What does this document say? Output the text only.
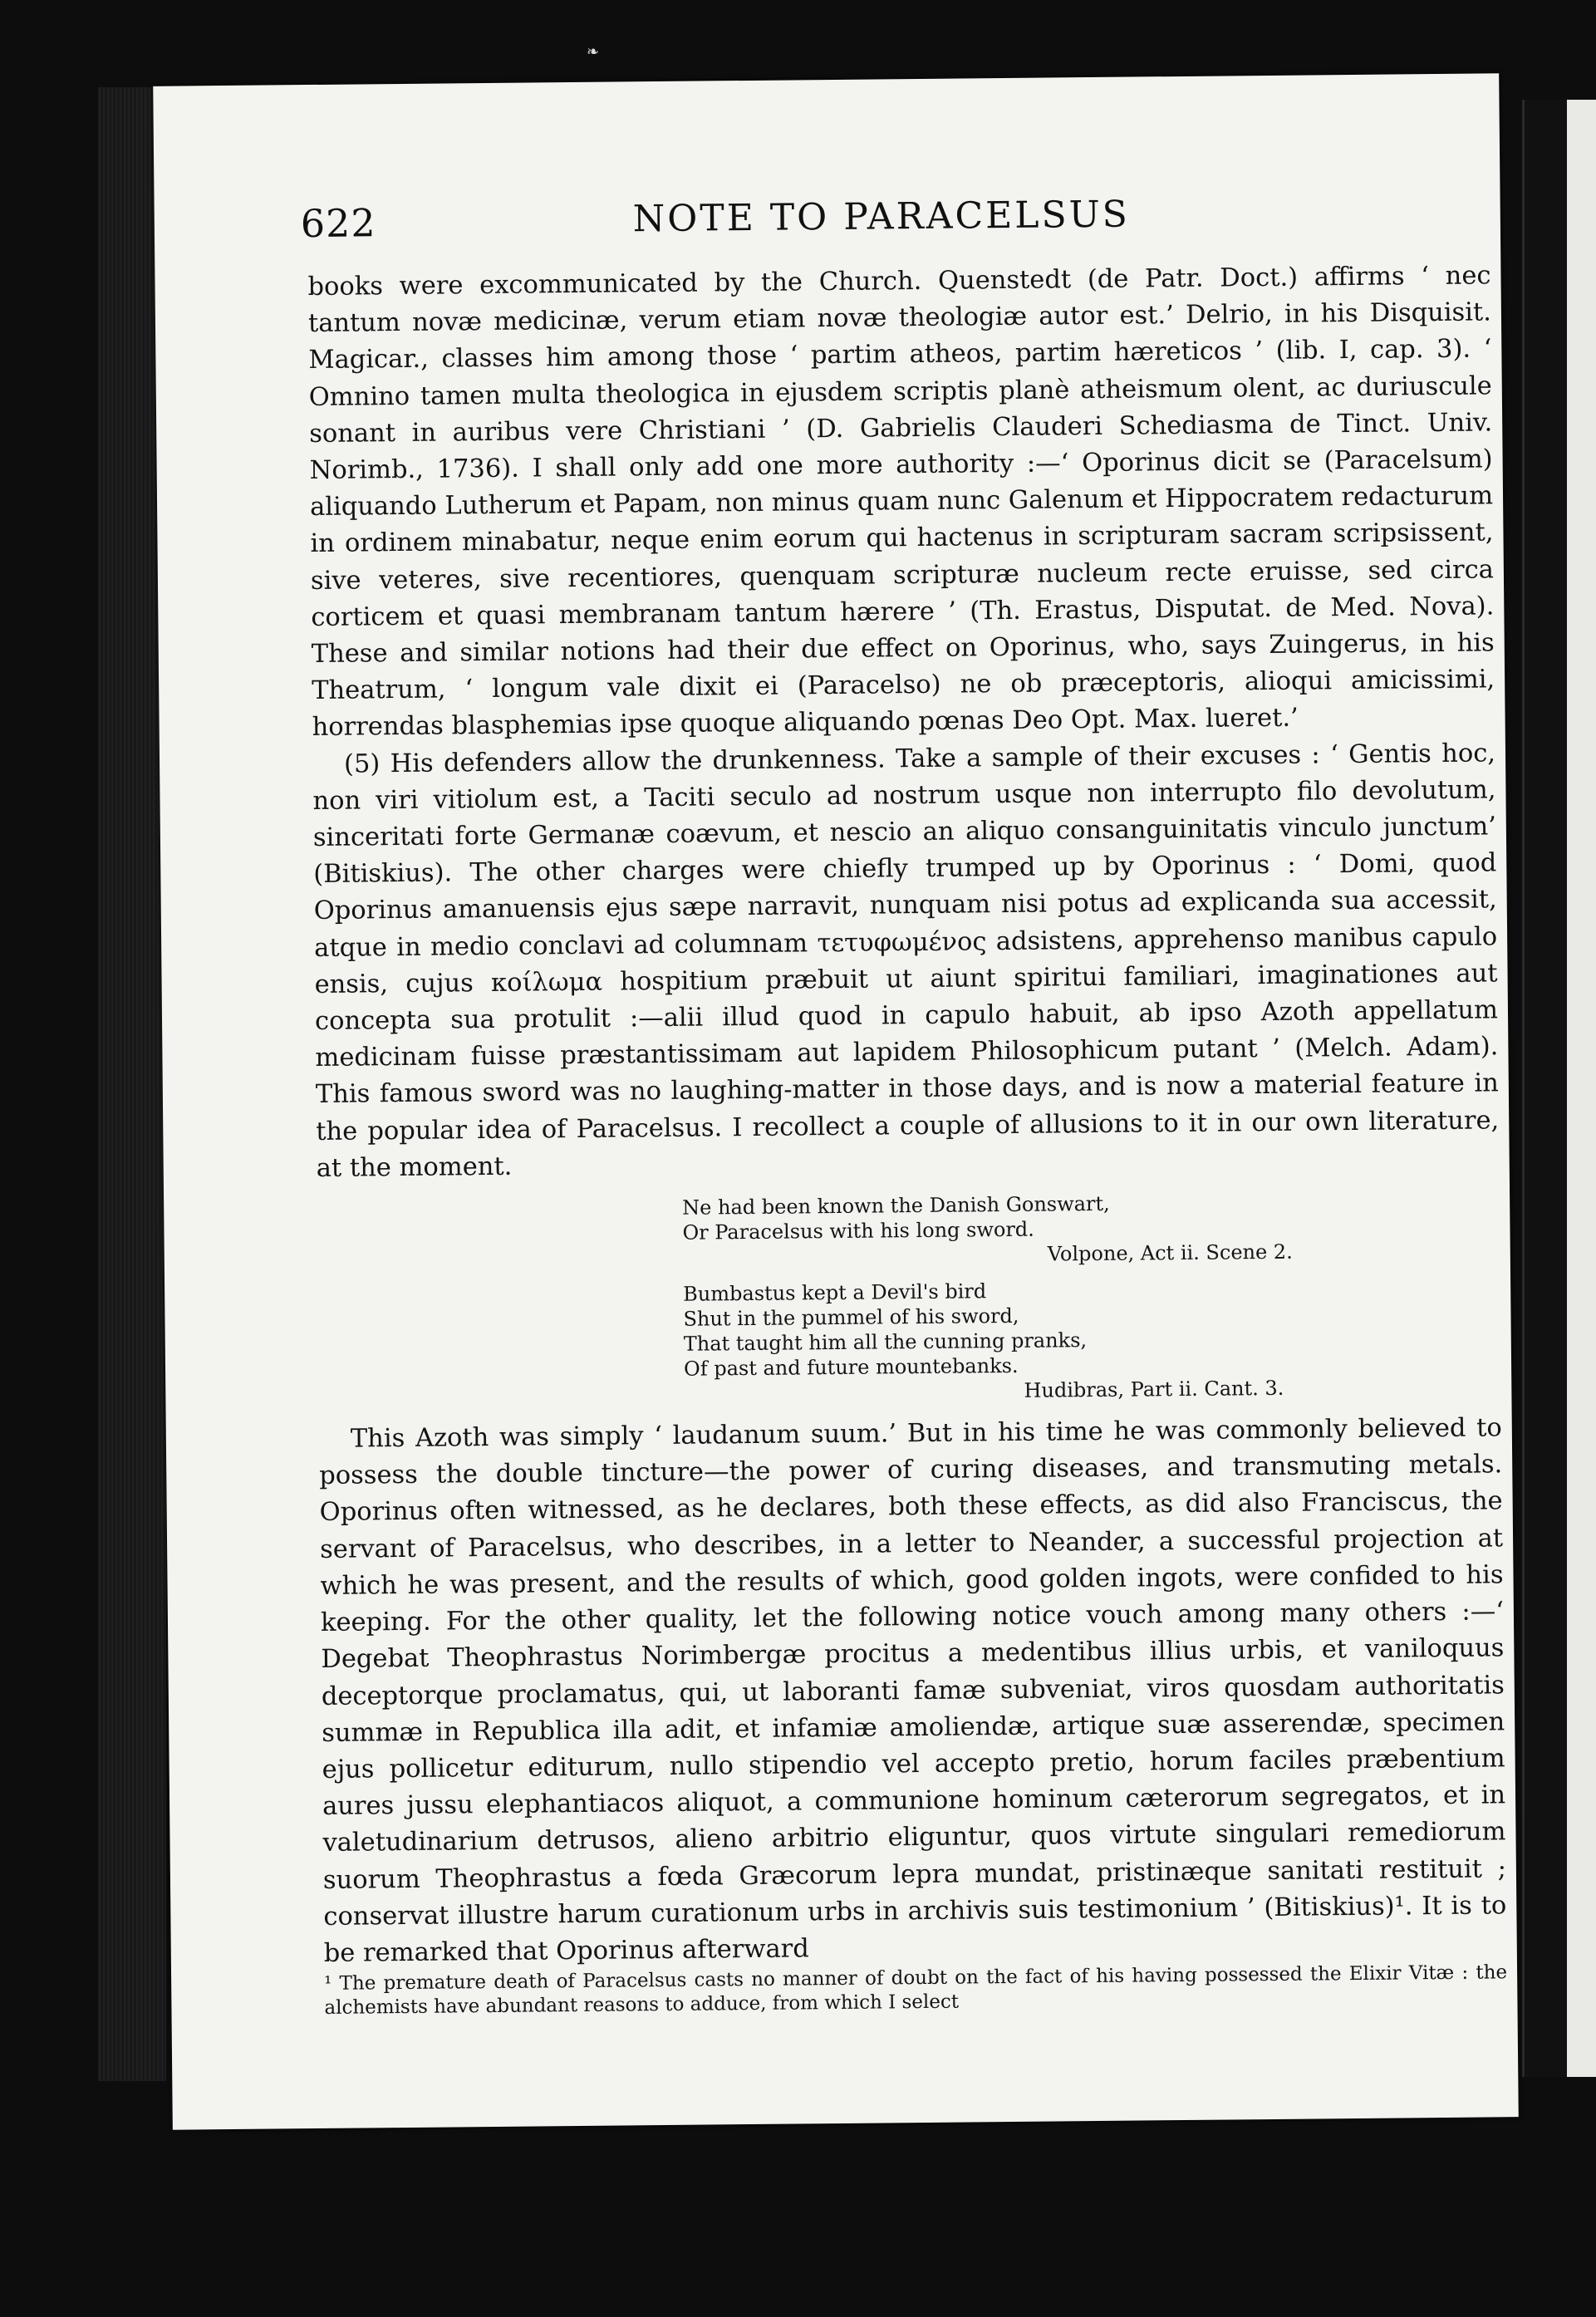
❧
622	NOTE TO PARACELSUS

books were excommunicated by the Church. Quenstedt (de Patr. Doct.) affirms ‘ nec tantum novæ medicinæ, verum etiam novæ theologiæ autor est.’ Delrio, in his Disquisit. Magicar., classes him among those ‘ partim atheos, partim hæreticos ’ (lib. I, cap. 3). ‘ Omnino tamen multa theologica in ejusdem scriptis planè atheismum olent, ac duriuscule sonant in auribus vere Christiani ’ (D. Gabrielis Clauderi Schediasma de Tinct. Univ. Norimb., 1736). I shall only add one more authority :—‘ Oporinus dicit se (Paracelsum) aliquando Lutherum et Papam, non minus quam nunc Galenum et Hippocratem redacturum in ordinem minabatur, neque enim eorum qui hactenus in scripturam sacram scripsissent, sive veteres, sive recentiores, quenquam scripturæ nucleum recte eruisse, sed circa corticem et quasi membranam tantum hærere ’ (Th. Erastus, Disputat. de Med. Nova). These and similar notions had their due effect on Oporinus, who, says Zuingerus, in his Theatrum, ‘ longum vale dixit ei (Paracelso) ne ob præceptoris, alioqui amicissimi, horrendas blasphemias ipse quoque aliquando pœnas Deo Opt. Max. lueret.’

(5) His defenders allow the drunkenness. Take a sample of their excuses : ‘ Gentis hoc, non viri vitiolum est, a Taciti seculo ad nostrum usque non interrupto filo devolutum, sinceritati forte Germanæ coævum, et nescio an aliquo consanguinitatis vinculo junctum’ (Bitiskius). The other charges were chiefly trumped up by Oporinus : ‘ Domi, quod Oporinus amanuensis ejus sæpe narravit, nunquam nisi potus ad explicanda sua accessit, atque in medio conclavi ad columnam τετυφωμένος adsistens, apprehenso manibus capulo ensis, cujus κοίλωμα hospitium præbuit ut aiunt spiritui familiari, imaginationes aut concepta sua protulit :—alii illud quod in capulo habuit, ab ipso Azoth appellatum medicinam fuisse præstantissimam aut lapidem Philosophicum putant ’ (Melch. Adam). This famous sword was no laughing-matter in those days, and is now a material feature in the popular idea of Paracelsus. I recollect a couple of allusions to it in our own literature, at the moment.

Ne had been known the Danish Gonswart,
Or Paracelsus with his long sword.
Volpone, Act ii. Scene 2.
Bumbastus kept a Devil's bird
Shut in the pummel of his sword,
That taught him all the cunning pranks,
Of past and future mountebanks.
Hudibras, Part ii. Cant. 3.

This Azoth was simply ‘ laudanum suum.’ But in his time he was commonly believed to possess the double tincture—the power of curing diseases, and transmuting metals. Oporinus often witnessed, as he declares, both these effects, as did also Franciscus, the servant of Paracelsus, who describes, in a letter to Neander, a successful projection at which he was present, and the results of which, good golden ingots, were confided to his keeping. For the other quality, let the following notice vouch among many others :—‘ Degebat Theophrastus Norimbergæ procitus a medentibus illius urbis, et vaniloquus deceptorque proclamatus, qui, ut laboranti famæ subveniat, viros quosdam authoritatis summæ in Republica illa adit, et infamiæ amoliendæ, artique suæ asserendæ, specimen ejus pollicetur editurum, nullo stipendio vel accepto pretio, horum faciles præbentium aures jussu elephantiacos aliquot, a communione hominum cæterorum segregatos, et in valetudinarium detrusos, alieno arbitrio eliguntur, quos virtute singulari remediorum suorum Theophrastus a fœda Græcorum lepra mundat, pristinæque sanitati restituit ; conservat illustre harum curationum urbs in archivis suis testimonium ’ (Bitiskius)¹. It is to be remarked that Oporinus afterward

¹ The premature death of Paracelsus casts no manner of doubt on the fact of his having possessed the Elixir Vitæ : the alchemists have abundant reasons to adduce, from which I select
